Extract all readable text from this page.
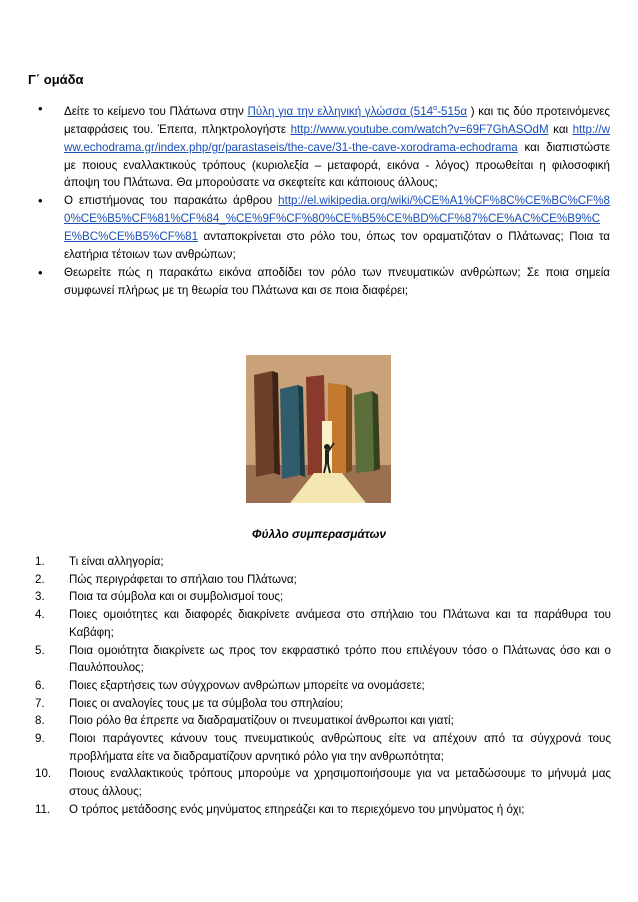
Γ΄ ομάδα
• Δείτε το κείμενο του Πλάτωνα στην Πύλη για την ελληνική γλώσσα (514$^\alpha$-515α ) και τις δύο προτεινόμενες μεταφράσεις του. Έπειτα, πληκτρολογήστε http://www.youtube.com/watch?v=69F7GhASOdM και http://www.echodrama.gr/index.php/gr/parastaseis/the-cave/31-the-cave-xorodrama-echodrama και διαπιστώστε με ποιους εναλλακτικούς τρόπους (κυριολεξία – μεταφορά, εικόνα - λόγος) προωθείται η φιλοσοφική άποψη του Πλάτωνα. Θα μπορούσατε να σκεφτείτε και κάποιους άλλους;
• Ο επιστήμονας του παρακάτω άρθρου http://el.wikipedia.org/wiki/%CE%A1%CF%8C%CE%BC%CF%80%CE%B5%CF%81%CF%84_%CE%9F%CF%80%CE%B5%CE%BD%CF%87%CE%AC%CE%B9%CE%BC%CE%B5%CF%81 ανταποκρίνεται στο ρόλο του, όπως τον οραματιζόταν ο Πλάτωνας; Ποια τα ελατήρια τέτοιων των ανθρώπων;
• Θεωρείτε πώς η παρακάτω εικόνα αποδίδει τον ρόλο των πνευματικών ανθρώπων; Σε ποια σημεία συμφωνεί πλήρως με τη θεωρία του Πλάτωνα και σε ποια διαφέρει;
Φύλλο συμπερασμάτων
1.	Τι είναι αλληγορία;
2.	Πώς περιγράφεται το σπήλαιο του Πλάτωνα;
3.	Ποια τα σύμβολα και οι συμβολισμοί τους;
4.	Ποιες ομοιότητες και διαφορές διακρίνετε ανάμεσα στο σπήλαιο του Πλάτωνα και τα παράθυρα του Καβάφη;
5.	Ποια ομοιότητα διακρίνετε ως προς τον εκφραστικό τρόπο που επιλέγουν τόσο ο Πλάτωνας όσο και ο Παυλόπουλος;
6.	Ποιες εξαρτήσεις των σύγχρονων ανθρώπων μπορείτε να ονομάσετε;
7.	Ποιες οι αναλογίες τους με τα σύμβολα του σπηλαίου;
8.	Ποιο ρόλο θα έπρεπε να διαδραματίζουν οι πνευματικοί άνθρωποι και γιατί;
9.	Ποιοι παράγοντες κάνουν τους πνευματικούς ανθρώπους είτε να απέχουν από τα σύγχρονά τους προβλήματα είτε να διαδραματίζουν αρνητικό ρόλο για την ανθρωπότητα;
10.	Ποιους εναλλακτικούς τρόπους μπορούμε να χρησιμοποιήσουμε για να μεταδώσουμε το μήνυμά μας στους άλλους;
11.	Ο τρόπος μετάδοσης ενός μηνύματος επηρεάζει και το περιεχόμενο του μηνύματος ή όχι;
